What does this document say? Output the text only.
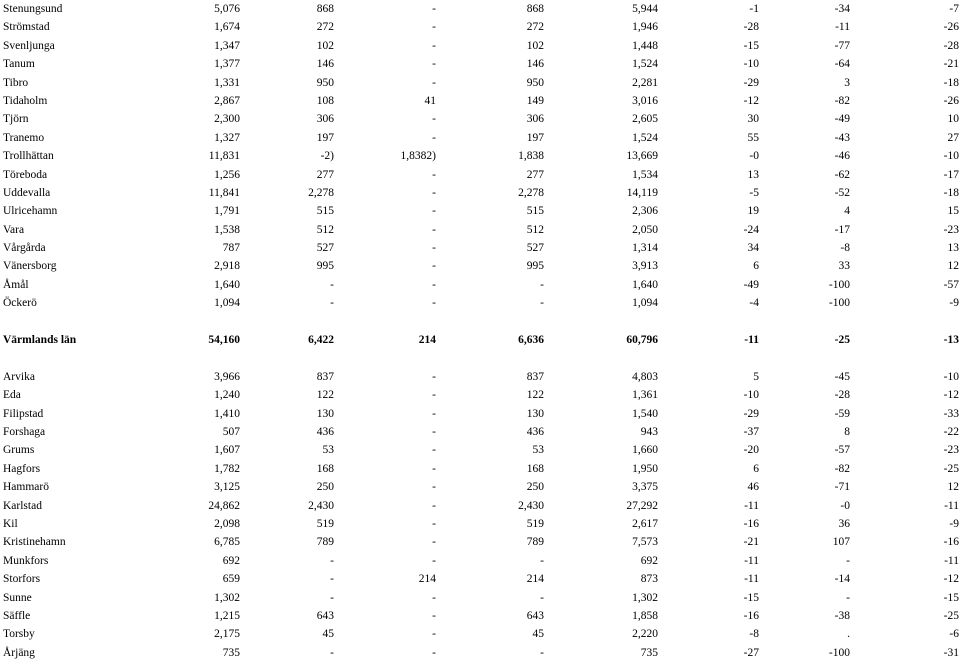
Stenungsund	5,076	868	-	868	5,944	-1	-34	-7
Strömstad	1,674	272	-	272	1,946	-28	-11	-26
Svenljunga	1,347	102	-	102	1,448	-15	-77	-28
Tanum	1,377	146	-	146	1,524	-10	-64	-21
Tibro	1,331	950	-	950	2,281	-29	3	-18
Tidaholm	2,867	108	41	149	3,016	-12	-82	-26
Tjörn	2,300	306	-	306	2,605	30	-49	10
Tranemo	1,327	197	-	197	1,524	55	-43	27
Trollhättan	11,831	-2)	1,8382)	1,838	13,669	-0	-46	-10
Töreboda	1,256	277	-	277	1,534	13	-62	-17
Uddevalla	11,841	2,278	-	2,278	14,119	-5	-52	-18
Ulricehamn	1,791	515	-	515	2,306	19	4	15
Vara	1,538	512	-	512	2,050	-24	-17	-23
Vårgårda	787	527	-	527	1,314	34	-8	13
Vänersborg	2,918	995	-	995	3,913	6	33	12
Åmål	1,640	-	-	-	1,640	-49	-100	-57
Öckerö	1,094	-	-	-	1,094	-4	-100	-9
Värmlands län	54,160	6,422	214	6,636	60,796	-11	-25	-13
Arvika	3,966	837	-	837	4,803	5	-45	-10
Eda	1,240	122	-	122	1,361	-10	-28	-12
Filipstad	1,410	130	-	130	1,540	-29	-59	-33
Forshaga	507	436	-	436	943	-37	8	-22
Grums	1,607	53	-	53	1,660	-20	-57	-23
Hagfors	1,782	168	-	168	1,950	6	-82	-25
Hammarö	3,125	250	-	250	3,375	46	-71	12
Karlstad	24,862	2,430	-	2,430	27,292	-11	-0	-11
Kil	2,098	519	-	519	2,617	-16	36	-9
Kristinehamn	6,785	789	-	789	7,573	-21	107	-16
Munkfors	692	-	-	-	692	-11	-	-11
Storfors	659	-	214	214	873	-11	-14	-12
Sunne	1,302	-	-	-	1,302	-15	-	-15
Säffle	1,215	643	-	643	1,858	-16	-38	-25
Torsby	2,175	45	-	45	2,220	-8	.	-6
Årjäng	735	-	-	-	735	-27	-100	-31
